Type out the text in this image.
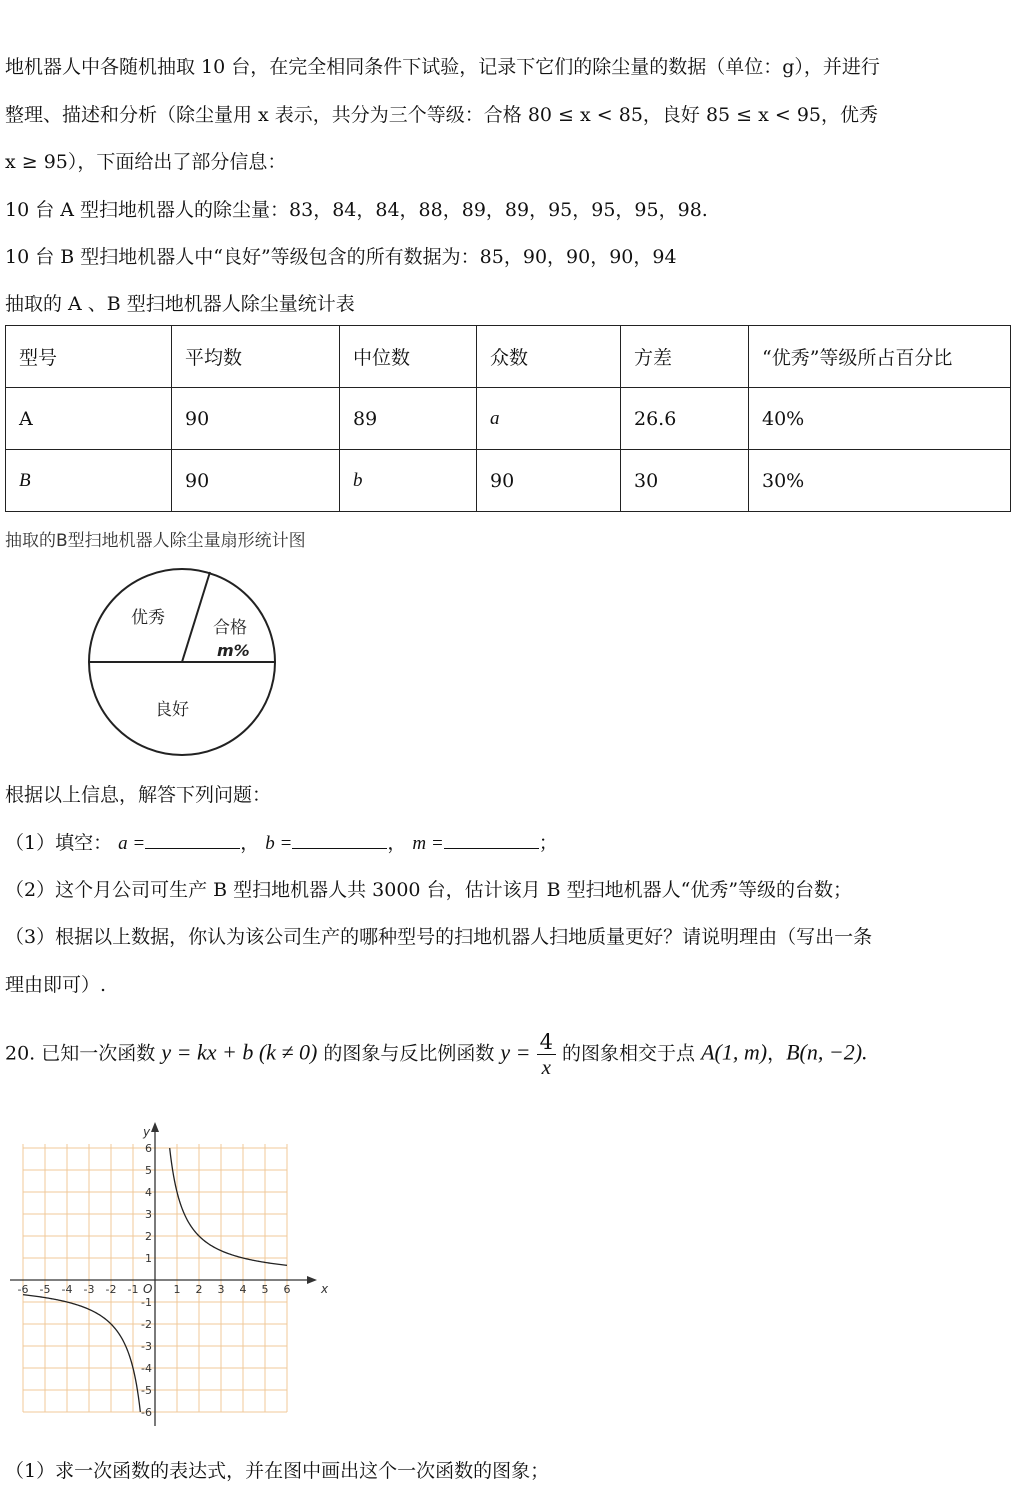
地机器人中各随机抽取 10 台，在完全相同条件下试验，记录下它们的除尘量的数据（单位：g），并进行
整理、描述和分析（除尘量用 x 表示，共分为三个等级：合格 80 ≤ x < 85，良好 85 ≤ x < 95，优秀
x ≥ 95），下面给出了部分信息：
10 台 A 型扫地机器人的除尘量：83，84，84，88，89，89，95，95，95，98.
10 台 B 型扫地机器人中“良好”等级包含的所有数据为：85，90，90，90，94
抽取的 A 、B 型扫地机器人除尘量统计表
型号	平均数	中位数	众数	方差	“优秀”等级所占百分比
A	90	89	a	26.6	40%
B	90	b	90	30	30%
抽取的B型扫地机器人除尘量扇形统计图
优秀	合格
m%
良好
根据以上信息，解答下列问题：
（1）填空： a =	， b =	， m =	；
（2）这个月公司可生产 B 型扫地机器人共 3000 台，估计该月 B 型扫地机器人“优秀”等级的台数；
（3）根据以上数据，你认为该公司生产的哪种型号的扫地机器人扫地质量更好？请说明理由（写出一条
理由即可）.
20. 已知一次函数 y = kx + b (k ≠ 0) 的图象与反比例函数 $y = \frac{4}{x}$ 的图象相交于点 A(1, m)，B(n, −2).
x
y
O
-6 -5 -4 -3 -2 -1	1 2 3 4 5 6
6
5
4
3
2
1
-1
-2
-3
-4
-5
-6
（1）求一次函数的表达式，并在图中画出这个一次函数的图象；
